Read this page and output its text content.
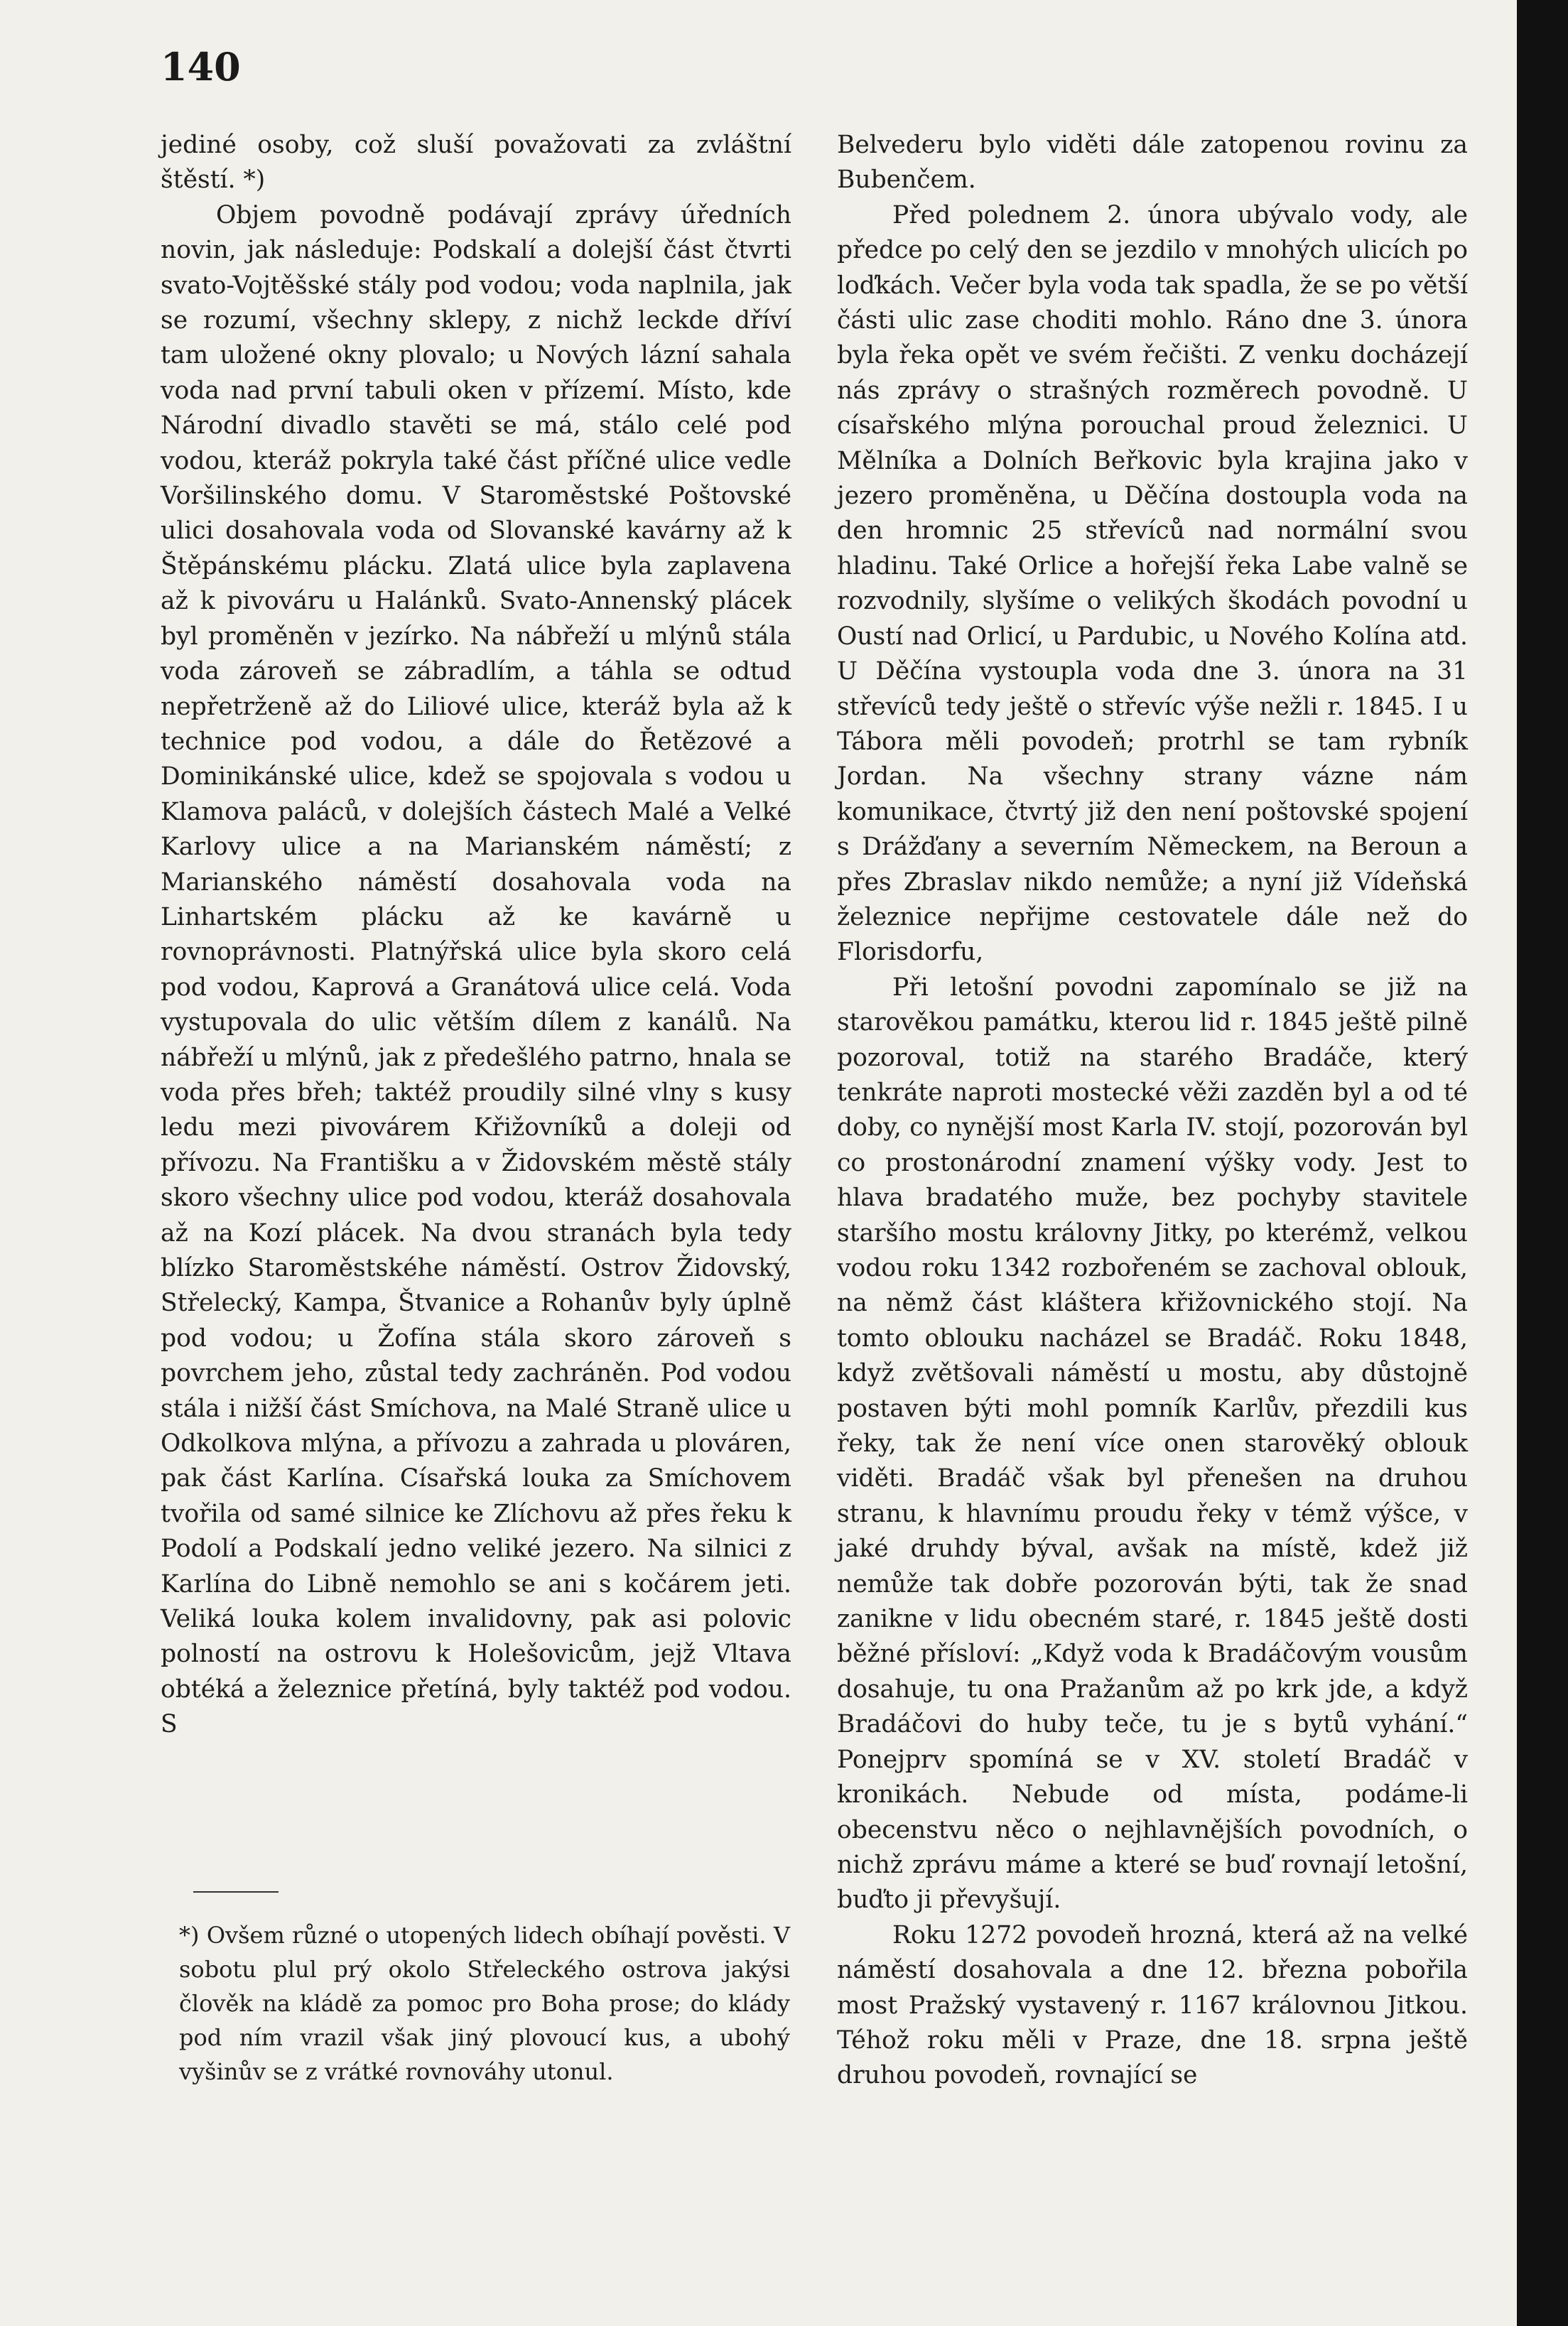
140

jediné osoby, což sluší považovati za zvláštní štěstí. *)

Objem povodně podávají zprávy úředních novin, jak následuje: Podskalí a dolejší část čtvrti svato-Vojtěšské stály pod vodou; voda naplnila, jak se rozumí, všechny sklepy, z nichž leckde dříví tam uložené okny plovalo; u Nových lázní sahala voda nad první tabuli oken v přízemí. Místo, kde Národní divadlo stavěti se má, stálo celé pod vodou, kteráž pokryla také část příčné ulice vedle Voršilinského domu. V Staroměstské Poštovské ulici dosahovala voda od Slovanské kavárny až k Štěpánskému plácku. Zlatá ulice byla zaplavena až k pivováru u Halánků. Svato-Annenský plácek byl proměněn v jezírko. Na nábřeží u mlýnů stála voda zároveň se zábradlím, a táhla se odtud nepřetrženě až do Liliové ulice, kteráž byla až k technice pod vodou, a dále do Řetězové a Dominikánské ulice, kdež se spojovala s vodou u Klamova paláců, v dolejších částech Malé a Velké Karlovy ulice a na Marianském náměstí; z Marianského náměstí dosahovala voda na Linhartském plácku až ke kavárně u rovnoprávnosti. Platnýřská ulice byla skoro celá pod vodou, Kaprová a Granátová ulice celá. Voda vystupovala do ulic větším dílem z kanálů. Na nábřeží u mlýnů, jak z předešlého patrno, hnala se voda přes břeh; taktéž proudily silné vlny s kusy ledu mezi pivovárem Křižovníků a doleji od přívozu. Na Františku a v Židovském městě stály skoro všechny ulice pod vodou, kteráž dosahovala až na Kozí plácek. Na dvou stranách byla tedy blízko Staroměstskéhe náměstí. Ostrov Židovský, Střelecký, Kampa, Štvanice a Rohanův byly úplně pod vodou; u Žofína stála skoro zároveň s povrchem jeho, zůstal tedy zachráněn. Pod vodou stála i nižší část Smíchova, na Malé Straně ulice u Odkolkova mlýna, a přívozu a zahrada u plováren, pak část Karlína. Císařská louka za Smíchovem tvořila od samé silnice ke Zlíchovu až přes řeku k Podolí a Podskalí jedno veliké jezero. Na silnici z Karlína do Libně nemohlo se ani s kočárem jeti. Veliká louka kolem invalidovny, pak asi polovic polností na ostrovu k Holešovicům, jejž Vltava obtéká a železnice přetíná, byly taktéž pod vodou. S

*) Ovšem různé o utopených lidech obíhají pověsti. V sobotu plul prý okolo Střeleckého ostrova jakýsi člověk na kládě za pomoc pro Boha prose; do klády pod ním vrazil však jiný plovoucí kus, a ubohý vyšinův se z vrátké rovnováhy utonul.

Belvederu bylo viděti dále zatopenou rovinu za Bubenčem.

Před polednem 2. února ubývalo vody, ale předce po celý den se jezdilo v mnohých ulicích po loďkách. Večer byla voda tak spadla, že se po větší části ulic zase choditi mohlo. Ráno dne 3. února byla řeka opět ve svém řečišti. Z venku docházejí nás zprávy o strašných rozměrech povodně. U císařského mlýna porouchal proud železnici. U Mělníka a Dolních Beřkovic byla krajina jako v jezero proměněna, u Děčína dostoupla voda na den hromnic 25 střevíců nad normální svou hladinu. Také Orlice a hořejší řeka Labe valně se rozvodnily, slyšíme o velikých škodách povodní u Oustí nad Orlicí, u Pardubic, u Nového Kolína atd. U Děčína vystoupla voda dne 3. února na 31 střevíců tedy ještě o střevíc výše nežli r. 1845. I u Tábora měli povodeň; protrhl se tam rybník Jordan. Na všechny strany vázne nám komunikace, čtvrtý již den není poštovské spojení s Drážďany a severním Německem, na Beroun a přes Zbraslav nikdo nemůže; a nyní již Vídeňská železnice nepřijme cestovatele dále než do Florisdorfu,

Při letošní povodni zapomínalo se již na starověkou památku, kterou lid r. 1845 ještě pilně pozoroval, totiž na starého Bradáče, který tenkráte naproti mostecké věži zazděn byl a od té doby, co nynější most Karla IV. stojí, pozorován byl co prostonárodní znamení výšky vody. Jest to hlava bradatého muže, bez pochyby stavitele staršího mostu královny Jitky, po kterémž, velkou vodou roku 1342 rozbořeném se zachoval oblouk, na němž část kláštera křižovnického stojí. Na tomto oblouku nacházel se Bradáč. Roku 1848, když zvětšovali náměstí u mostu, aby důstojně postaven býti mohl pomník Karlův, přezdili kus řeky, tak že není více onen starověký oblouk viděti. Bradáč však byl přenešen na druhou stranu, k hlavnímu proudu řeky v témž výšce, v jaké druhdy býval, avšak na místě, kdež již nemůže tak dobře pozorován býti, tak že snad zanikne v lidu obecném staré, r. 1845 ještě dosti běžné přísloví: „Když voda k Bradáčovým vousům dosahuje, tu ona Pražanům až po krk jde, a když Bradáčovi do huby teče, tu je s bytů vyhání.“ Ponejprv spomíná se v XV. století Bradáč v kronikách. Nebude od místa, podáme-li obecenstvu něco o nejhlavnějších povodních, o nichž zprávu máme a které se buď rovnají letošní, buďto ji převyšují.

Roku 1272 povodeň hrozná, která až na velké náměstí dosahovala a dne 12. března pobořila most Pražský vystavený r. 1167 královnou Jitkou. Téhož roku měli v Praze, dne 18. srpna ještě druhou povodeň, rovnající se
